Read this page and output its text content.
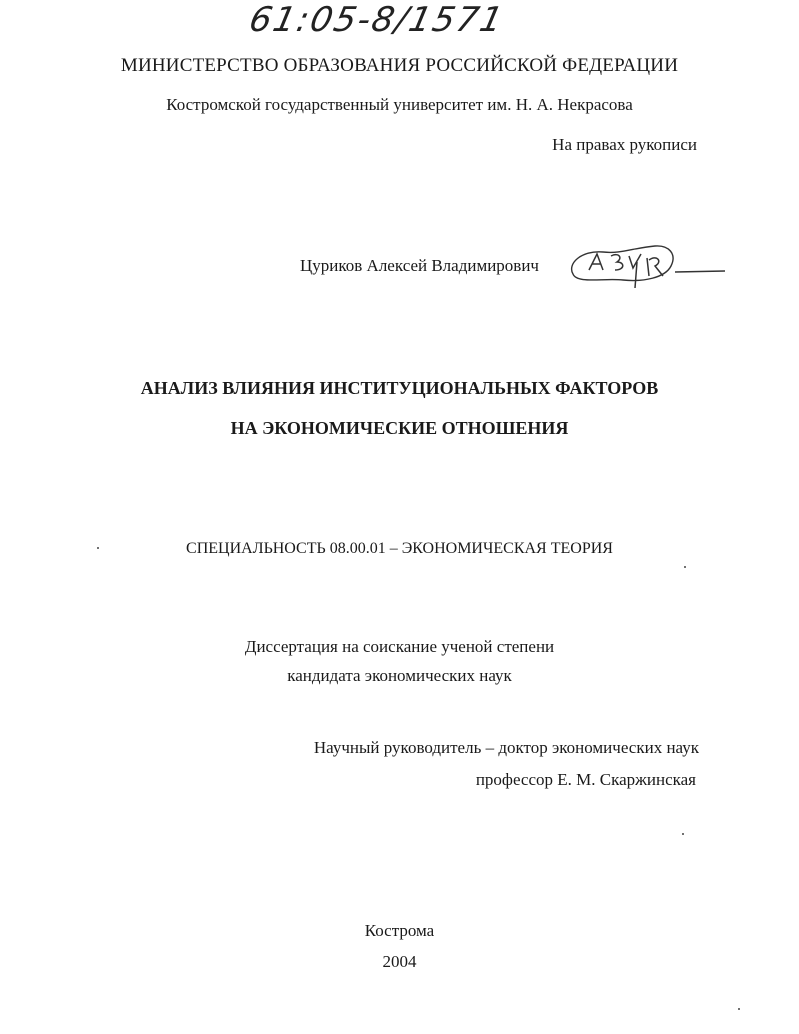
61:05-8/1571
МИНИСТЕРСТВО ОБРАЗОВАНИЯ РОССИЙСКОЙ ФЕДЕРАЦИИ
Костромской государственный университет им. Н. А. Некрасова
На правах рукописи
Цуриков Алексей Владимирович
АНАЛИЗ ВЛИЯНИЯ ИНСТИТУЦИОНАЛЬНЫХ ФАКТОРОВ
НА ЭКОНОМИЧЕСКИЕ ОТНОШЕНИЯ
СПЕЦИАЛЬНОСТЬ 08.00.01 – ЭКОНОМИЧЕСКАЯ ТЕОРИЯ
Диссертация на соискание ученой степени
кандидата экономических наук
Научный руководитель – доктор экономических наук
профессор Е. М. Скаржинская
Кострома
2004
